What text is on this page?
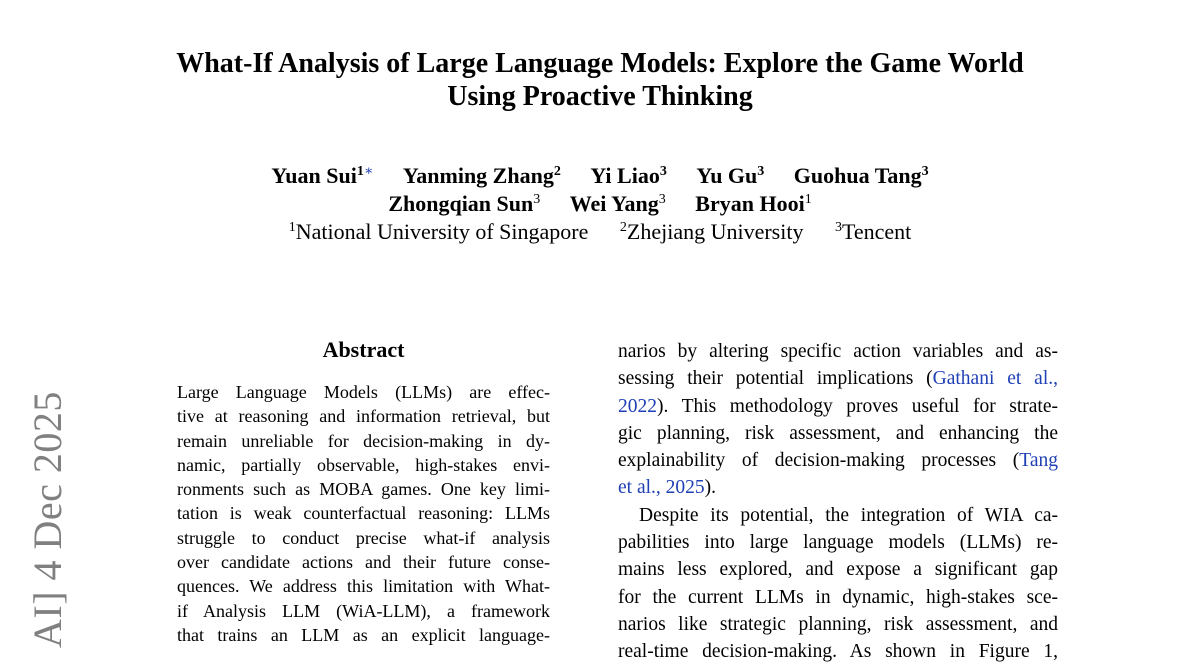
AI] 4 Dec 2025
What-If Analysis of Large Language Models: Explore the Game World
Using Proactive Thinking
Yuan Sui$^{1∗}$ Yanming Zhang$^2$ Yi Liao$^3$ Yu Gu$^3$ Guohua Tang$^3$
Zhongqian Sun$^3$ Wei Yang$^3$ Bryan Hooi$^1$
$^1$National University of Singapore $^2$Zhejiang University $^3$Tencent
Abstract
Large Language Models (LLMs) are effec-
tive at reasoning and information retrieval, but
remain unreliable for decision-making in dy-
namic, partially observable, high-stakes envi-
ronments such as MOBA games. One key limi-
tation is weak counterfactual reasoning: LLMs
struggle to conduct precise what-if analysis
over candidate actions and their future conse-
quences. We address this limitation with What-
if Analysis LLM (WiA-LLM), a framework
that trains an LLM as an explicit language-
narios by altering specific action variables and as-
sessing their potential implications (Gathani et al.,
2022). This methodology proves useful for strate-
gic planning, risk assessment, and enhancing the
explainability of decision-making processes (Tang
et al., 2025).
Despite its potential, the integration of WIA ca-
pabilities into large language models (LLMs) re-
mains less explored, and expose a significant gap
for the current LLMs in dynamic, high-stakes sce-
narios like strategic planning, risk assessment, and
real-time decision-making. As shown in Figure 1,
